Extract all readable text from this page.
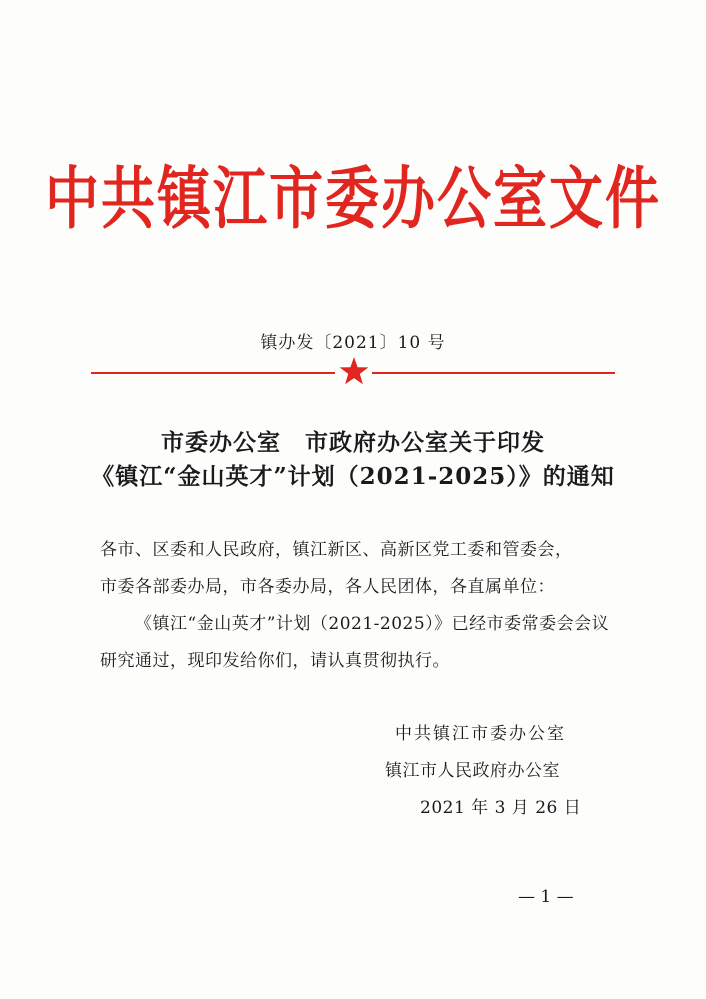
中共镇江市委办公室文件
镇办发〔2021〕10 号
市委办公室　市政府办公室关于印发
《镇江“金山英才”计划（2021-2025）》的通知
各市、区委和人民政府，镇江新区、高新区党工委和管委会，
市委各部委办局，市各委办局，各人民团体，各直属单位：
《镇江“金山英才”计划（2021-2025）》已经市委常委会会议
研究通过，现印发给你们，请认真贯彻执行。
中共镇江市委办公室
镇江市人民政府办公室
2021 年 3 月 26 日
— 1 —
